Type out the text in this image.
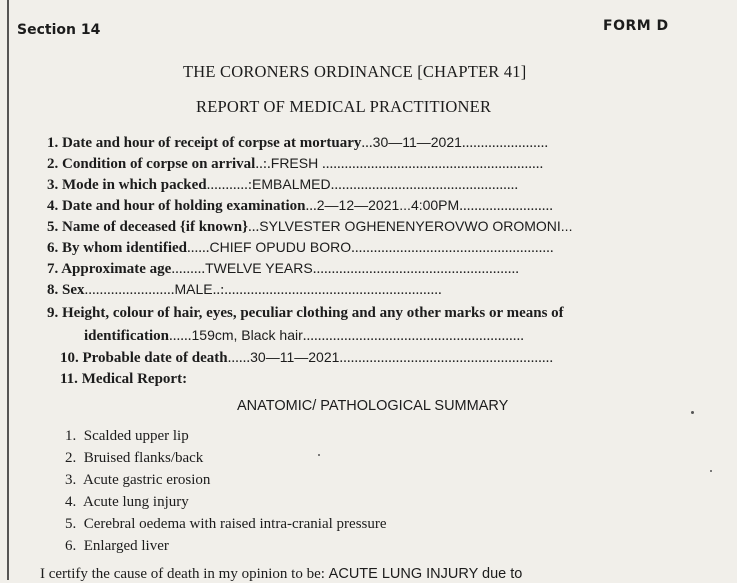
Section 14	FORM D
THE CORONERS ORDINANCE [CHAPTER 41]
REPORT OF MEDICAL PRACTITIONER
1. Date and hour of receipt of corpse at mortuary...30—11—2021.......................
2. Condition of corpse on arrival..:.FRESH ...........................................................
3. Mode in which packed...........:EMBALMED..................................................
4. Date and hour of holding examination...2—12—2021...4:00PM.........................
5. Name of deceased {if known}...SYLVESTER OGHENENYEROVWO OROMONI...
6. By whom identified......CHIEF OPUDU BORO......................................................
7. Approximate age.........TWELVE YEARS.......................................................
8. Sex........................MALE..:..........................................................
9. Height, colour of hair, eyes, peculiar clothing and any other marks or means of
identification......159cm, Black hair...........................................................
10. Probable date of death......30—11—2021.........................................................
11. Medical Report:
ANATOMIC/ PATHOLOGICAL SUMMARY
1.  Scalded upper lip
2.  Bruised flanks/back
3.  Acute gastric erosion
4.  Acute lung injury
5.  Cerebral oedema with raised intra-cranial pressure
6.  Enlarged liver
I certify the cause of death in my opinion to be: ACUTE LUNG INJURY due to
